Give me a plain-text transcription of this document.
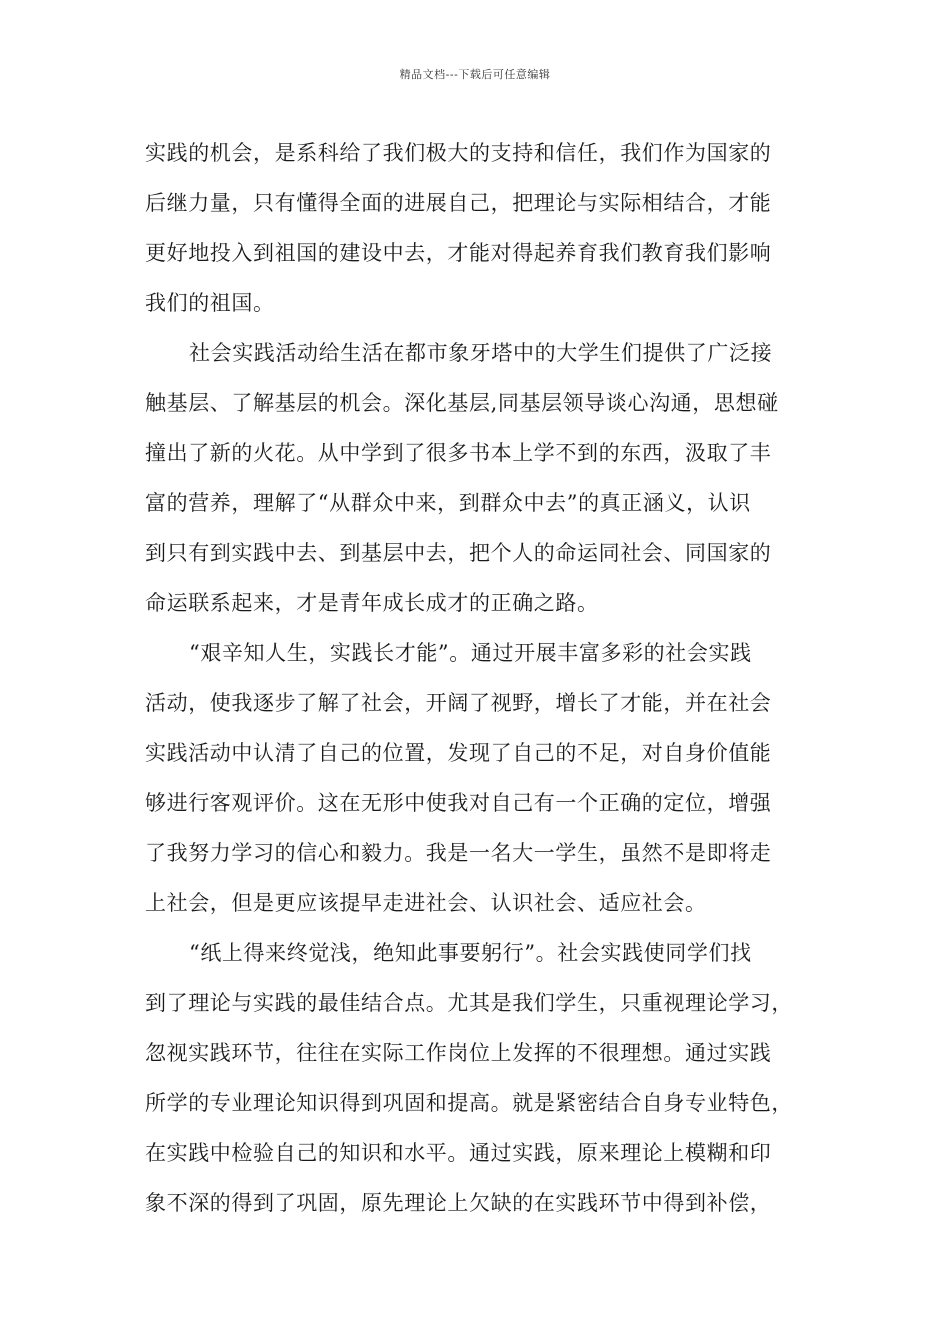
精品文档---下载后可任意编辑
实践的机会，是系科给了我们极大的支持和信任，我们作为国家的
后继力量，只有懂得全面的进展自己，把理论与实际相结合，才能
更好地投入到祖国的建设中去，才能对得起养育我们教育我们影响
我们的祖国。
社会实践活动给生活在都市象牙塔中的大学生们提供了广泛接
触基层、了解基层的机会。深化基层,同基层领导谈心沟通，思想碰
撞出了新的火花。从中学到了很多书本上学不到的东西，汲取了丰
富的营养，理解了“从群众中来，到群众中去”的真正涵义，认识
到只有到实践中去、到基层中去，把个人的命运同社会、同国家的
命运联系起来，才是青年成长成才的正确之路。
“艰辛知人生，实践长才能”。通过开展丰富多彩的社会实践
活动，使我逐步了解了社会，开阔了视野，增长了才能，并在社会
实践活动中认清了自己的位置，发现了自己的不足，对自身价值能
够进行客观评价。这在无形中使我对自己有一个正确的定位，增强
了我努力学习的信心和毅力。我是一名大一学生，虽然不是即将走
上社会，但是更应该提早走进社会、认识社会、适应社会。
“纸上得来终觉浅，绝知此事要躬行”。社会实践使同学们找
到了理论与实践的最佳结合点。尤其是我们学生，只重视理论学习，
忽视实践环节，往往在实际工作岗位上发挥的不很理想。通过实践
所学的专业理论知识得到巩固和提高。就是紧密结合自身专业特色，
在实践中检验自己的知识和水平。通过实践，原来理论上模糊和印
象不深的得到了巩固，原先理论上欠缺的在实践环节中得到补偿，
